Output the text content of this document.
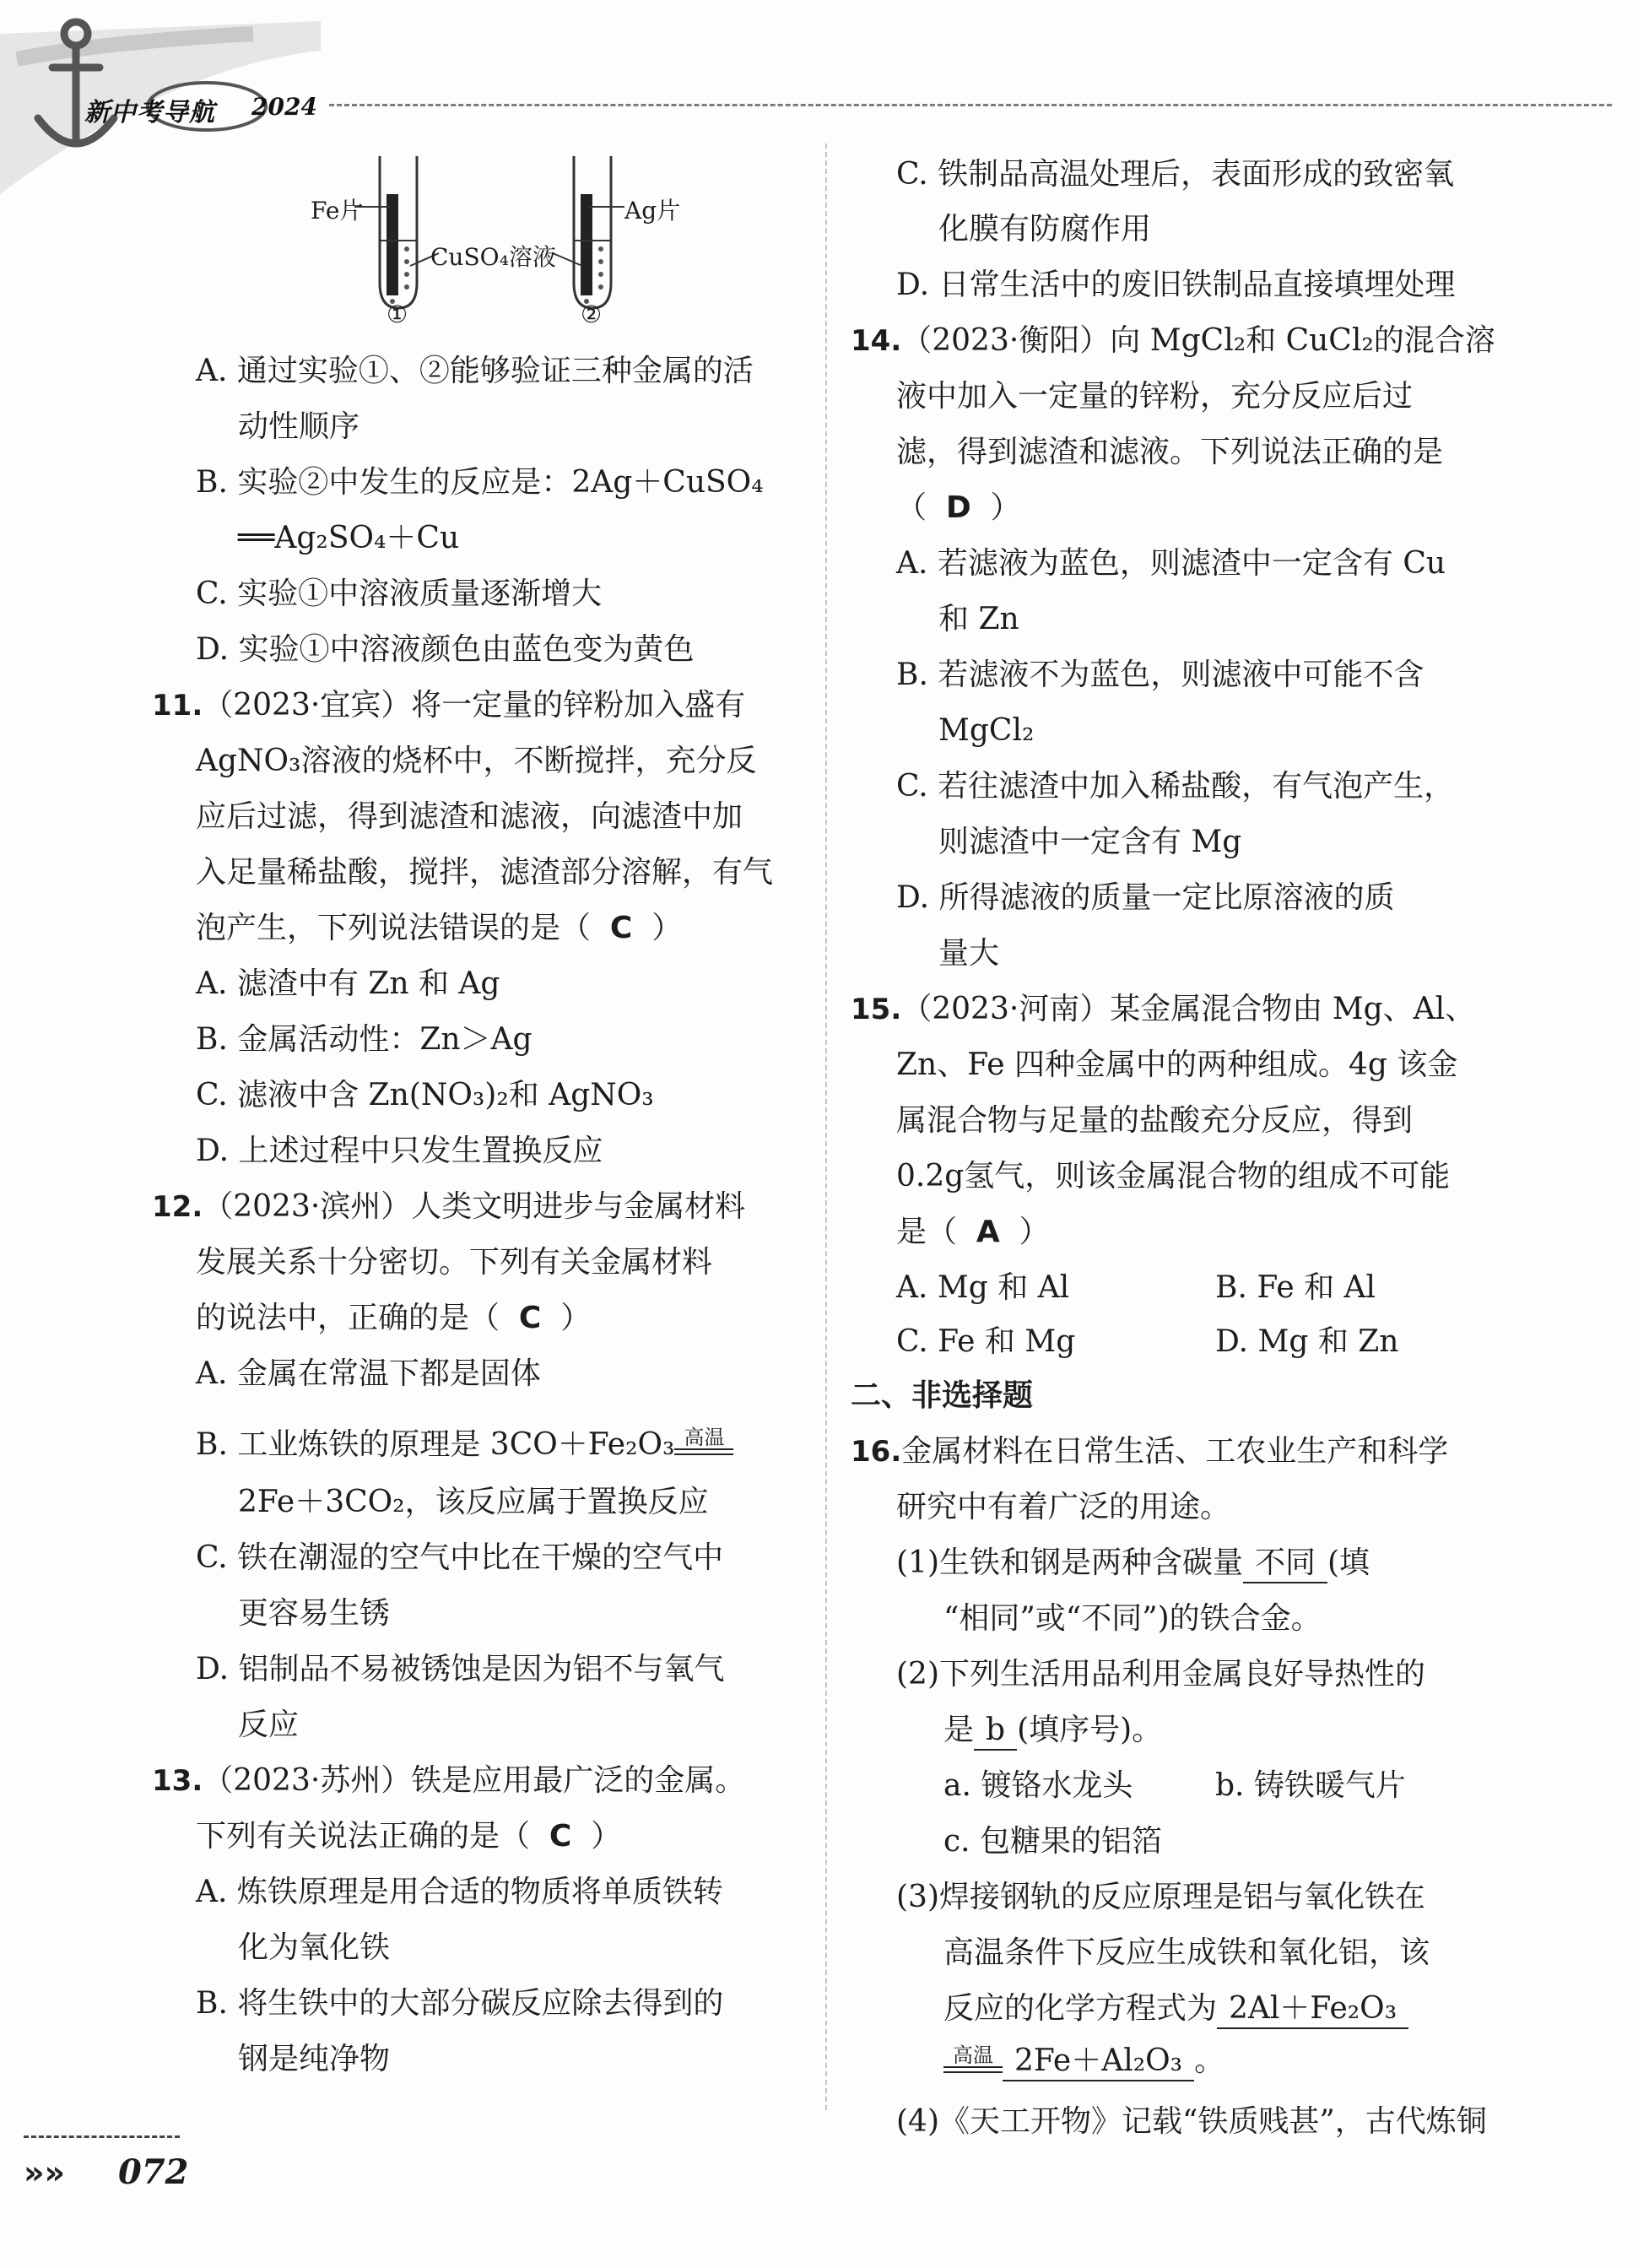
新中考导航 2024
Fe片	Ag片
CuSO₄溶液
①	②
A. 通过实验①、②能够验证三种金属的活
动性顺序
B. 实验②中发生的反应是：2Ag＋CuSO₄
══Ag₂SO₄＋Cu
C. 实验①中溶液质量逐渐增大
D. 实验①中溶液颜色由蓝色变为黄色
11.（2023·宜宾）将一定量的锌粉加入盛有
AgNO₃溶液的烧杯中，不断搅拌，充分反
应后过滤，得到滤渣和滤液，向滤渣中加
入足量稀盐酸，搅拌，滤渣部分溶解，有气
泡产生，下列说法错误的是（ C  ）
A. 滤渣中有 Zn 和 Ag
B. 金属活动性：Zn＞Ag
C. 滤液中含 Zn(NO₃)₂和 AgNO₃
D. 上述过程中只发生置换反应
12.（2023·滨州）人类文明进步与金属材料
发展关系十分密切。下列有关金属材料
的说法中，正确的是（ C  ）
A. 金属在常温下都是固体
B. 工业炼铁的原理是 3CO＋Fe₂O₃ 高温
2Fe＋3CO₂，该反应属于置换反应
C. 铁在潮湿的空气中比在干燥的空气中
更容易生锈
D. 铝制品不易被锈蚀是因为铝不与氧气
反应
13.（2023·苏州）铁是应用最广泛的金属。
下列有关说法正确的是（ C  ）
A. 炼铁原理是用合适的物质将单质铁转
化为氧化铁
B. 将生铁中的大部分碳反应除去得到的
钢是纯净物
C. 铁制品高温处理后，表面形成的致密氧
化膜有防腐作用
D. 日常生活中的废旧铁制品直接填埋处理
14.（2023·衡阳）向 MgCl₂和 CuCl₂的混合溶
液中加入一定量的锌粉，充分反应后过
滤，得到滤渣和滤液。下列说法正确的是
（  D  ）
A. 若滤液为蓝色，则滤渣中一定含有 Cu
和 Zn
B. 若滤液不为蓝色，则滤液中可能不含
MgCl₂
C. 若往滤渣中加入稀盐酸，有气泡产生，
则滤渣中一定含有 Mg
D. 所得滤液的质量一定比原溶液的质
量大
15.（2023·河南）某金属混合物由 Mg、Al、
Zn、Fe 四种金属中的两种组成。4g 该金
属混合物与足量的盐酸充分反应，得到
0.2g氢气，则该金属混合物的组成不可能
是（ A  ）
A. Mg 和 Al	B. Fe 和 Al
C. Fe 和 Mg	D. Mg 和 Zn
二、非选择题
16.金属材料在日常生活、工农业生产和科学
研究中有着广泛的用途。
(1)生铁和钢是两种含碳量 不同 (填
“相同”或“不同”)的铁合金。
(2)下列生活用品利用金属良好导热性的
是 b (填序号)。
a. 镀铬水龙头	b. 铸铁暖气片
c. 包糖果的铝箔
(3)焊接钢轨的反应原理是铝与氧化铁在
高温条件下反应生成铁和氧化铝，该
反应的化学方程式为 2Al＋Fe₂O₃
高温 2Fe＋Al₂O₃ 。
(4)《天工开物》记载“铁质贱甚”，古代炼铜
»» 072
